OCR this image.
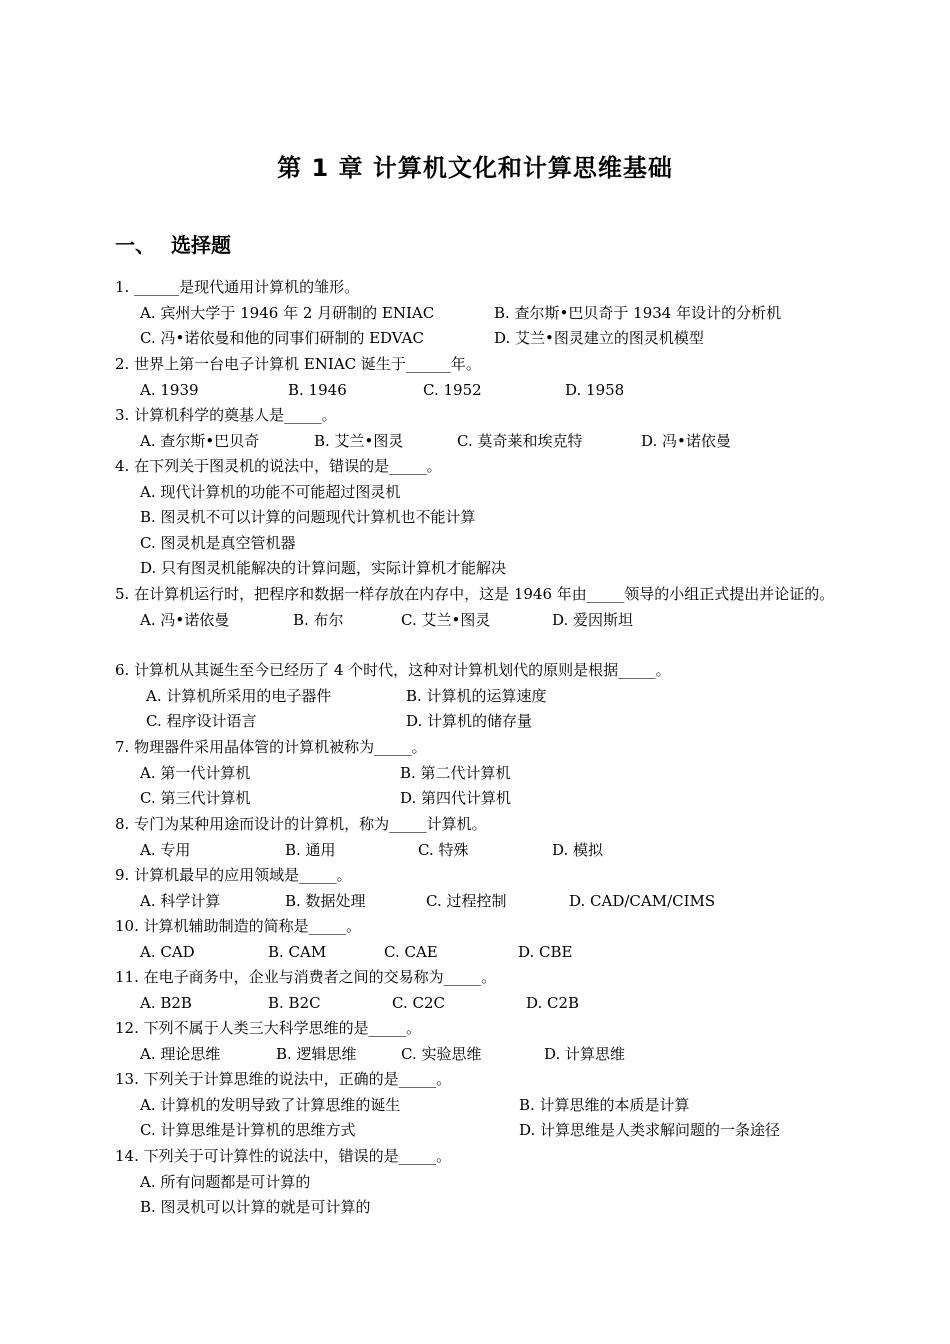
第 1 章 计算机文化和计算思维基础
一、 选择题
1. ______是现代通用计算机的雏形。
A. 宾州大学于 1946 年 2 月研制的 ENIAC	B. 查尔斯•巴贝奇于 1934 年设计的分析机
C. 冯•诺依曼和他的同事们研制的 EDVAC	D. 艾兰•图灵建立的图灵机模型
2. 世界上第一台电子计算机 ENIAC 诞生于______年。
A. 1939	B. 1946	C. 1952	D. 1958
3. 计算机科学的奠基人是_____。
A. 查尔斯•巴贝奇	B. 艾兰•图灵	C. 莫奇莱和埃克特	D. 冯•诺依曼
4. 在下列关于图灵机的说法中，错误的是_____。
A. 现代计算机的功能不可能超过图灵机
B. 图灵机不可以计算的问题现代计算机也不能计算
C. 图灵机是真空管机器
D. 只有图灵机能解决的计算问题，实际计算机才能解决
5. 在计算机运行时，把程序和数据一样存放在内存中，这是 1946 年由_____领导的小组正式提出并论证的。
A. 冯•诺依曼	B. 布尔	C. 艾兰•图灵	D. 爱因斯坦
6. 计算机从其诞生至今已经历了 4 个时代，这种对计算机划代的原则是根据_____。
A. 计算机所采用的电子器件	B. 计算机的运算速度
C. 程序设计语言	D. 计算机的储存量
7. 物理器件采用晶体管的计算机被称为_____。
A. 第一代计算机	B. 第二代计算机
C. 第三代计算机	D. 第四代计算机
8. 专门为某种用途而设计的计算机，称为_____计算机。
A. 专用	B. 通用	C. 特殊	D. 模拟
9. 计算机最早的应用领域是_____。
A. 科学计算	B. 数据处理	C. 过程控制	D. CAD/CAM/CIMS
10. 计算机辅助制造的简称是_____。
A. CAD	B. CAM	C. CAE	D. CBE
11. 在电子商务中，企业与消费者之间的交易称为_____。
A. B2B	B. B2C	C. C2C	D. C2B
12. 下列不属于人类三大科学思维的是_____。
A. 理论思维	B. 逻辑思维	C. 实验思维	D. 计算思维
13. 下列关于计算思维的说法中，正确的是_____。
A. 计算机的发明导致了计算思维的诞生	B. 计算思维的本质是计算
C. 计算思维是计算机的思维方式	D. 计算思维是人类求解问题的一条途径
14. 下列关于可计算性的说法中，错误的是_____。
A. 所有问题都是可计算的
B. 图灵机可以计算的就是可计算的
